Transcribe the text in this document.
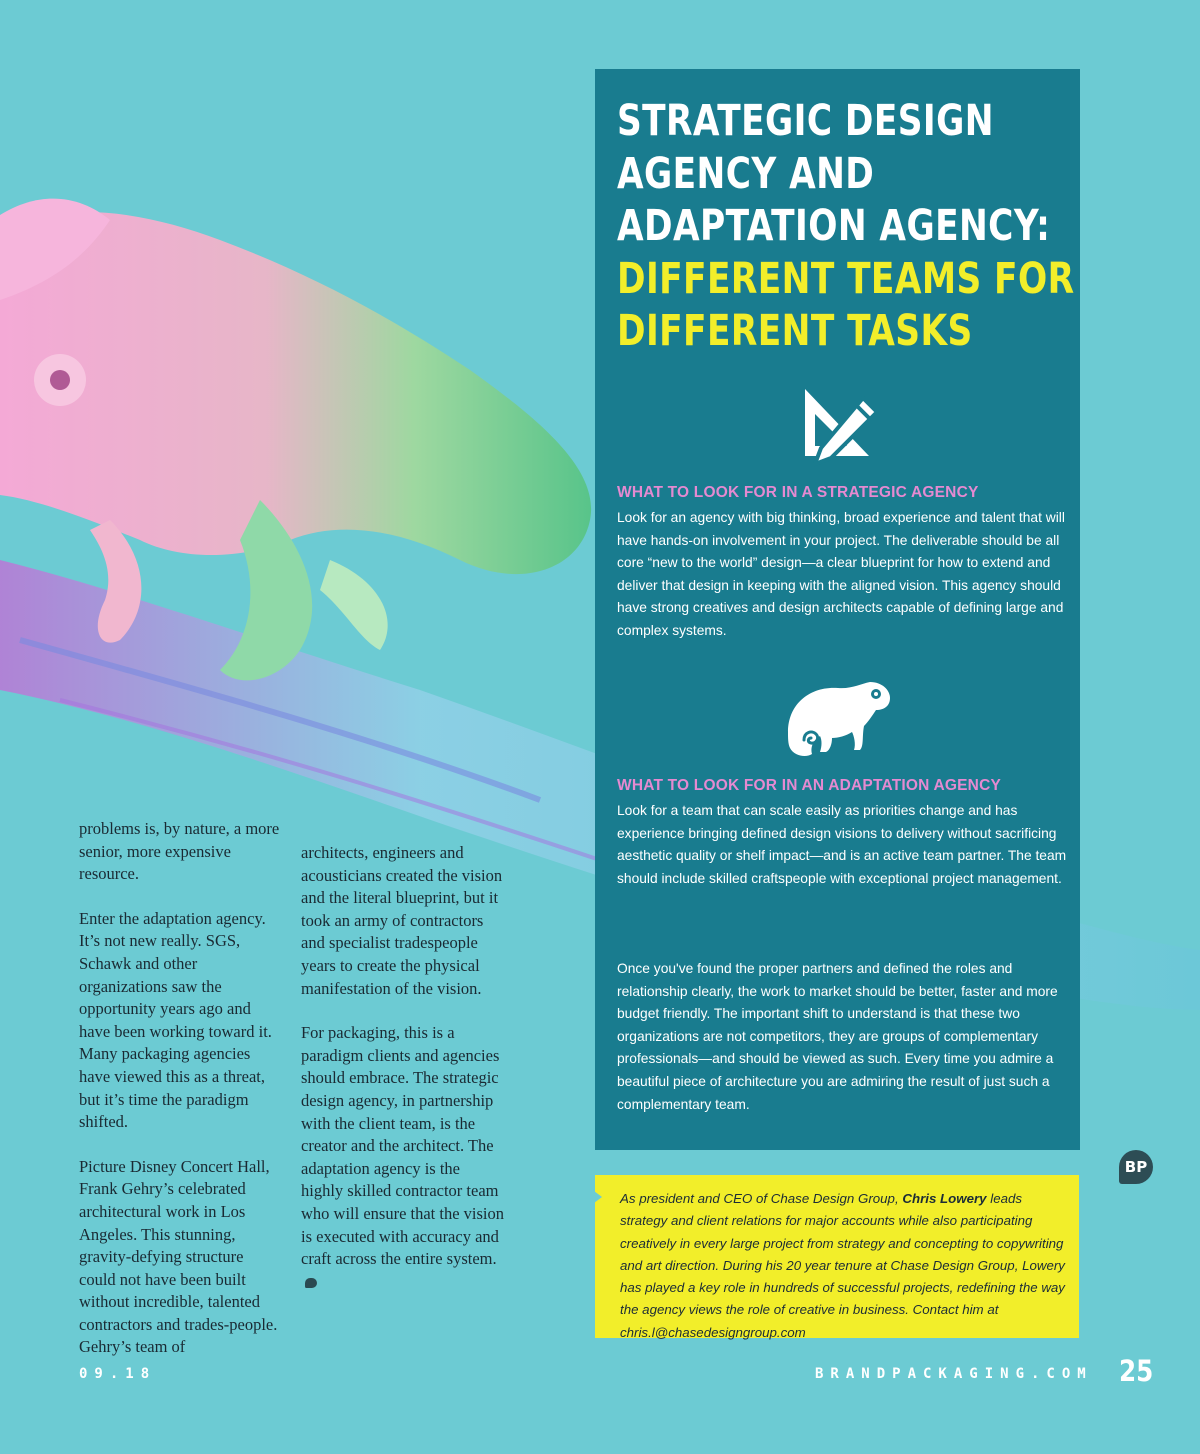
problems is, by nature, a more senior, more expensive resource.

Enter the adaptation agency. It’s not new really. SGS, Schawk and other organizations saw the opportunity years ago and have been working toward it. Many packaging agencies have viewed this as a threat, but it’s time the paradigm shifted.

Picture Disney Concert Hall, Frank Gehry’s celebrated architectural work in Los Angeles. This stunning, gravity-defying structure could not have been built without incredible, talented contractors and trades-people. Gehry’s team of

architects, engineers and acousticians created the vision and the literal blueprint, but it took an army of contractors and specialist tradespeople years to create the physical manifestation of the vision.

For packaging, this is a paradigm clients and agencies should embrace. The strategic design agency, in partnership with the client team, is the creator and the architect. The adaptation agency is the highly skilled contractor team who will ensure that the vision is executed with accuracy and craft across the entire system.

STRATEGIC DESIGN
AGENCY AND
ADAPTATION AGENCY:
DIFFERENT TEAMS FOR
DIFFERENT TASKS
WHAT TO LOOK FOR IN A STRATEGIC AGENCY

Look for an agency with big thinking, broad experience and talent that will have hands-on involvement in your project. The deliverable should be all core “new to the world” design—a clear blueprint for how to extend and deliver that design in keeping with the aligned vision. This agency should have strong creatives and design architects capable of defining large and complex systems.

WHAT TO LOOK FOR IN AN ADAPTATION AGENCY

Look for a team that can scale easily as priorities change and has experience bringing defined design visions to delivery without sacrificing aesthetic quality or shelf impact—and is an active team partner. The team should include skilled craftspeople with exceptional project management.

Once you've found the proper partners and defined the roles and relationship clearly, the work to market should be better, faster and more budget friendly. The important shift to understand is that these two organizations are not competitors, they are groups of complementary professionals—and should be viewed as such. Every time you admire a beautiful piece of architecture you are admiring the result of just such a complementary team.

As president and CEO of Chase Design Group, Chris Lowery leads strategy and client relations for major accounts while also participating creatively in every large project from strategy and concepting to copywriting and art direction. During his 20 year tenure at Chase Design Group, Lowery has played a key role in hundreds of successful projects, redefining the way the agency views the role of creative in business. Contact him at chris.l@chasedesigngroup.com

09.18	BRANDPACKAGING.COM
BP
25
